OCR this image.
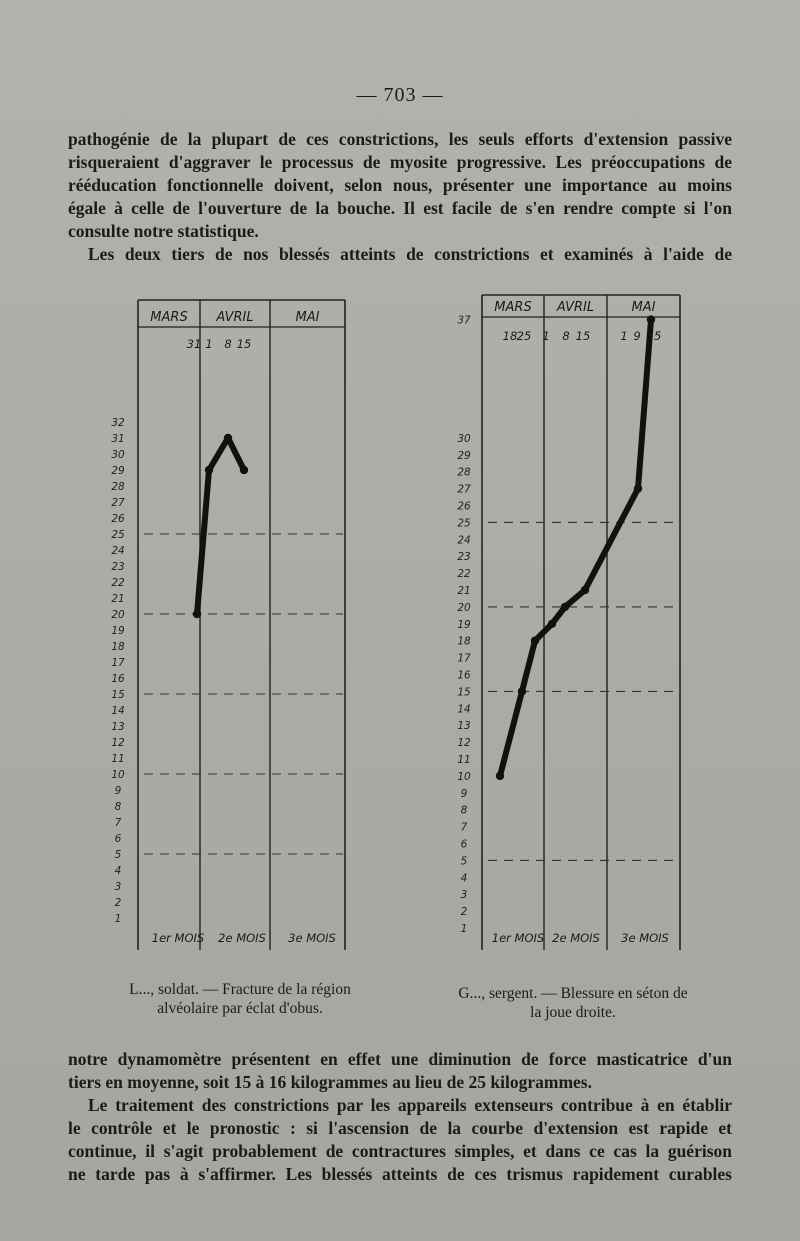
— 703 —
pathogénie de la plupart de ces constrictions, les seuls efforts d'extension passive
risqueraient d'aggraver le processus de myosite progressive. Les préoccupations de
rééducation fonctionnelle doivent, selon nous, présenter une importance au moins
égale à celle de l'ouverture de la bouche. Il est facile de s'en rendre compte si l'on
consulte notre statistique.
Les deux tiers de nos blessés atteints de constrictions et examinés à l'aide de
MARS AVRIL	MAI
31 1 8 15
1
2
3
4
5
6
7
8
9
10
11
12
13
14
15
16
17
18
19
20
21
22
23
24
25
26
27
28
29
30
31
32
1er MOIS 2e MOIS 3e MOIS
MARS AVRIL	MAI
18 25 1 8 15	1 9 15
1
2
3
4
5
6
7
8
9
10
11
12
13
14
15
16
17
18
19
20
21
22
23
24
25
26
27
28
29
30
37
1er MOIS 2e MOIS 3e MOIS
L..., soldat. — Fracture de la région
alvéolaire par éclat d'obus.
G..., sergent. — Blessure en séton de
la joue droite.
notre dynamomètre présentent en effet une diminution de force masticatrice d'un
tiers en moyenne, soit 15 à 16 kilogrammes au lieu de 25 kilogrammes.
Le traitement des constrictions par les appareils extenseurs contribue à en établir
le contrôle et le pronostic : si l'ascension de la courbe d'extension est rapide et
continue, il s'agit probablement de contractures simples, et dans ce cas la guérison
ne tarde pas à s'affirmer. Les blessés atteints de ces trismus rapidement curables
